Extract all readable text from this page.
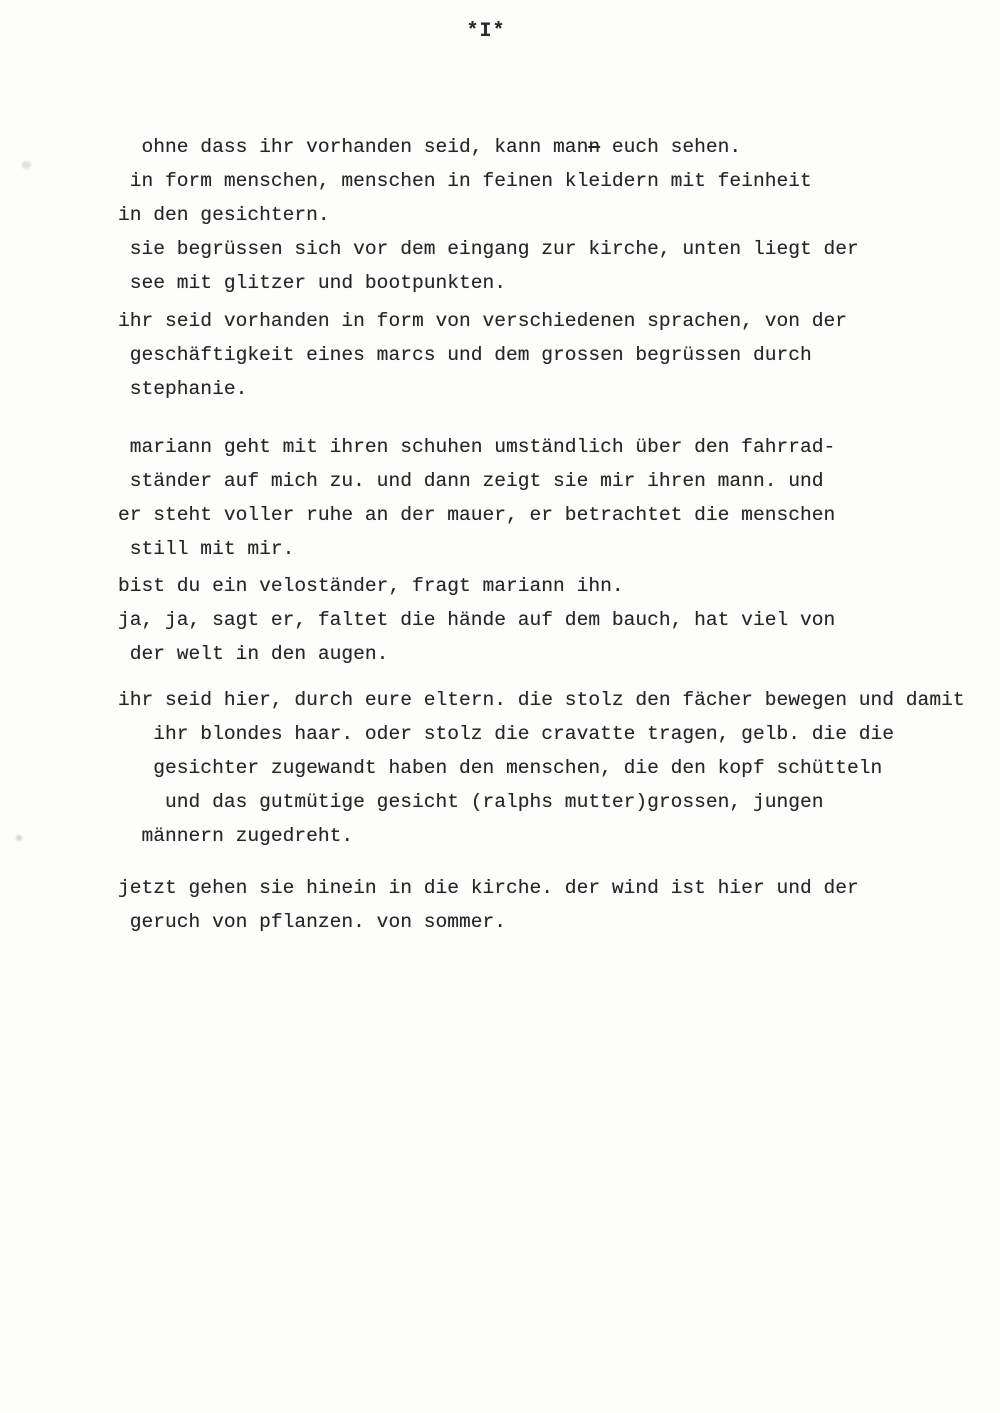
*I*
ohne dass ihr vorhanden seid, kann mann euch sehen.
in form menschen, menschen in feinen kleidern mit feinheit
in den gesichtern.
sie begrüssen sich vor dem eingang zur kirche, unten liegt der
see mit glitzer und bootpunkten.
ihr seid vorhanden in form von verschiedenen sprachen, von der
geschäftigkeit eines marcs und dem grossen begrüssen durch
stephanie.
mariann geht mit ihren schuhen umständlich über den fahrrad-
ständer auf mich zu. und dann zeigt sie mir ihren mann. und
er steht voller ruhe an der mauer, er betrachtet die menschen
still mit mir.
bist du ein veloständer, fragt mariann ihn.
ja, ja, sagt er, faltet die hände auf dem bauch, hat viel von
der welt in den augen.
ihr seid hier, durch eure eltern. die stolz den fächer bewegen und damit
ihr blondes haar. oder stolz die cravatte tragen, gelb. die die
gesichter zugewandt haben den menschen, die den kopf schütteln
und das gutmütige gesicht (ralphs mutter)grossen, jungen
männern zugedreht.
jetzt gehen sie hinein in die kirche. der wind ist hier und der
geruch von pflanzen. von sommer.
